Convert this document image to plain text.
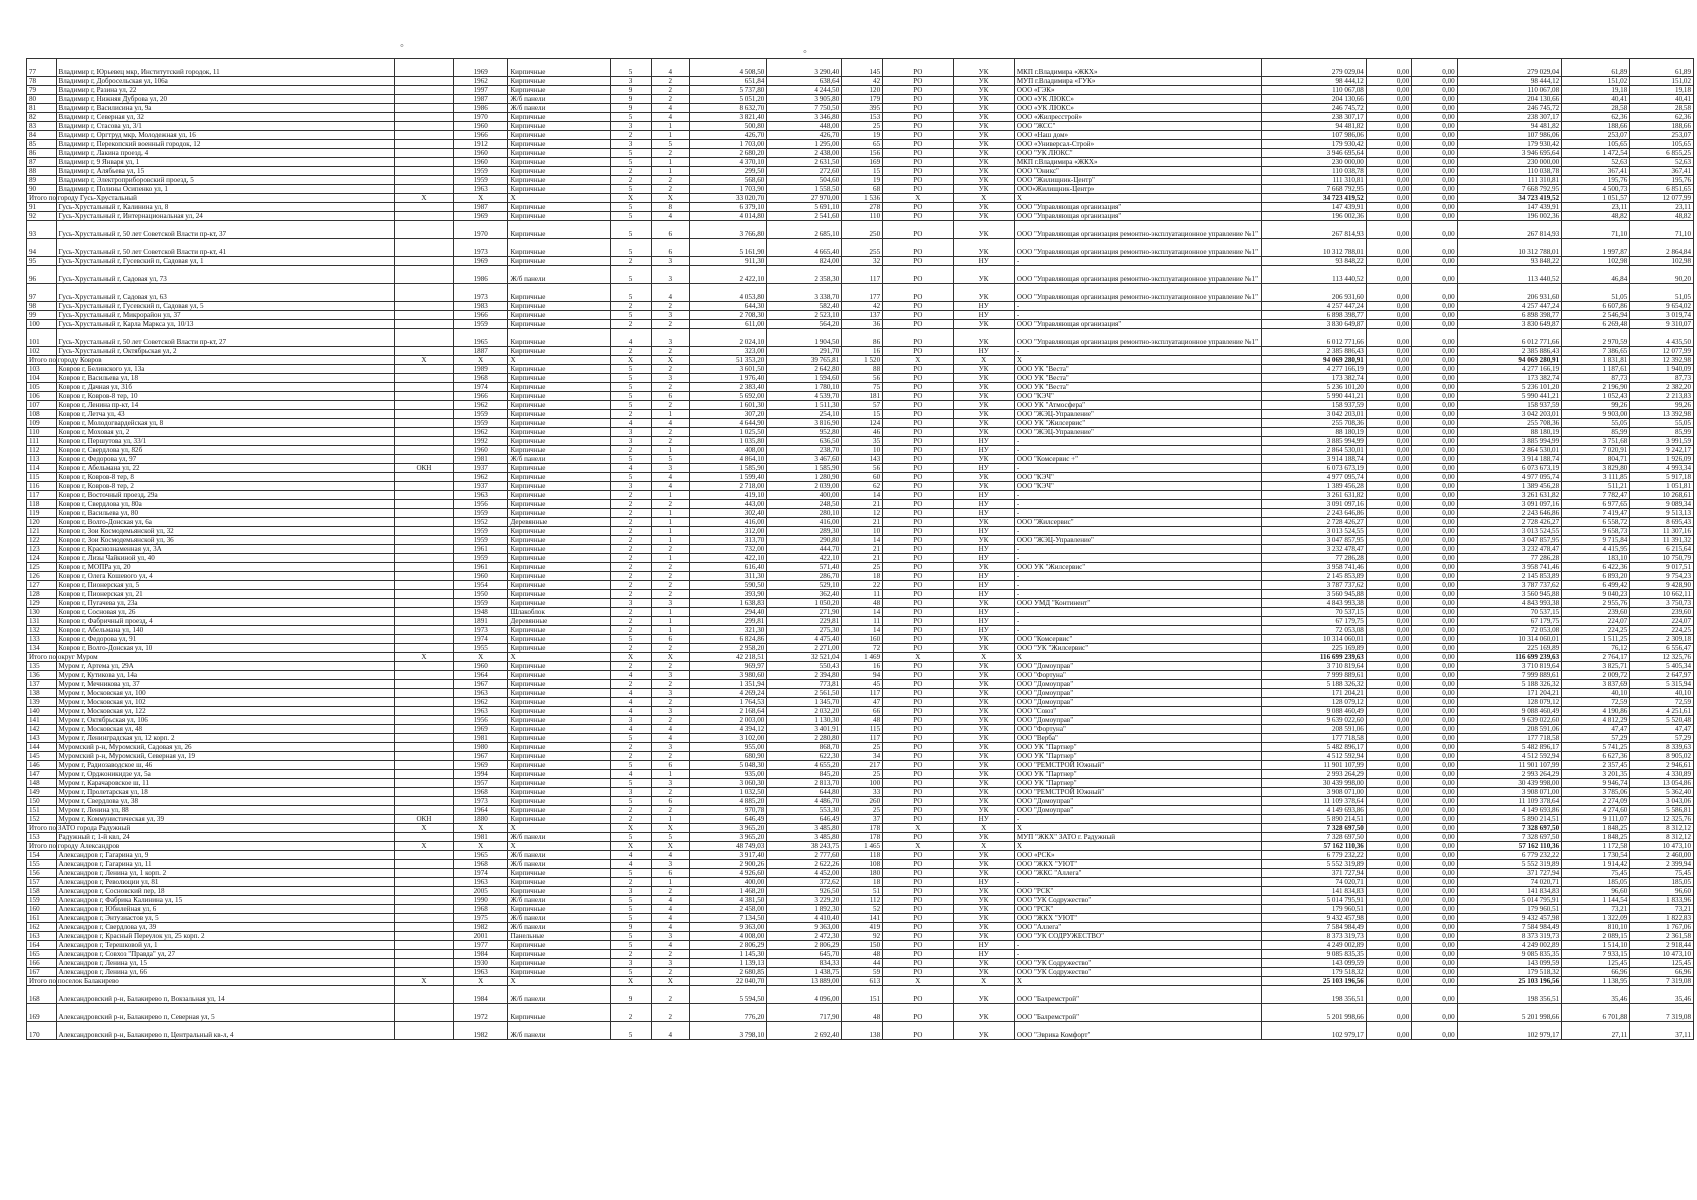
◦	◦
77	Владимир г, Юрьевец мкр, Институтский городок, 11		1969	Кирпичные	5	4	4 508,50	3 290,40	145	РО	УК	МКП г.Владимира «ЖКХ»	279 029,04	0,00	0,00	279 029,04	61,89	61,89
78	Владимир г, Добросельская ул, 106а		1962	Кирпичные	3	2	651,84	638,64	42	РО	УК	МУП г.Владимира «ГУК»	98 444,12	0,00	0,00	98 444,12	151,02	151,02
79	Владимир г, Разина ул, 22		1997	Кирпичные	9	2	5 737,80	4 244,50	120	РО	УК	ООО «ГЭК»	110 067,08	0,00	0,00	110 067,08	19,18	19,18
80	Владимир г, Нижняя Дуброва ул, 20		1987	Ж/б панели	9	2	5 051,20	3 905,80	179	РО	УК	ООО «УК ЛЮКС»	204 130,66	0,00	0,00	204 130,66	40,41	40,41
81	Владимир г, Василисина ул, 9а		1986	Ж/б панели	9	4	8 632,70	7 750,50	395	РО	УК	ООО «УК ЛЮКС»	246 745,72	0,00	0,00	246 745,72	28,58	28,58
82	Владимир г, Северная ул, 32		1970	Кирпичные	5	4	3 821,40	3 346,80	153	РО	УК	ООО «Жилресстрой»	238 307,17	0,00	0,00	238 307,17	62,36	62,36
83	Владимир г, Стасова ул, 3/1		1960	Кирпичные	3	1	500,80	448,00	25	РО	УК	ООО "ЖСС"	94 481,82	0,00	0,00	94 481,82	188,66	188,66
84	Владимир г, Оргтруд мкр, Молодежная ул, 16		1966	Кирпичные	2	1	426,70	426,70	19	РО	УК	ООО «Наш дом»	107 986,06	0,00	0,00	107 986,06	253,07	253,07
85	Владимир г, Перекопский военный городок, 12		1912	Кирпичные	3	5	1 703,00	1 295,00	65	РО	УК	ООО «Универсал-Строй»	179 930,42	0,00	0,00	179 930,42	105,65	105,65
86	Владимир г, Лакина проезд, 4		1960	Кирпичные	5	2	2 680,20	2 438,00	156	РО	УК	ООО "УК ЛЮКС"	3 946 695,64	0,00	0,00	3 946 695,64	1 472,54	6 855,25
87	Владимир г, 9 Января ул, 1		1960	Кирпичные	5	1	4 370,10	2 631,50	169	РО	УК	МКП г.Владимира «ЖКХ»	230 000,00	0,00	0,00	230 000,00	52,63	52,63
88	Владимир г, Алябьева ул, 15		1959	Кирпичные	2	1	299,50	272,60	15	РО	УК	ООО "Оникс"	110 038,78	0,00	0,00	110 038,78	367,41	367,41
89	Владимир г, Электроприборовский проезд, 5		1959	Кирпичные	2	2	568,60	504,60	19	РО	УК	ООО "Жилищник-Центр"	111 310,81	0,00	0,00	111 310,81	195,76	195,76
90	Владимир г, Полины Осипенко ул, 1		1963	Кирпичные	5	2	1 703,90	1 558,50	68	РО	УК	ООО«Жилищник-Центр»	7 668 792,95	0,00	0,00	7 668 792,95	4 500,73	6 851,65
Итого по городу Гусь-Хрустальный		X	X	X	X	X	33 020,70	27 970,00	1 536	X	X	X	34 723 419,52	0,00	0,00	34 723 419,52	1 051,57	12 077,99
91	Гусь-Хрустальный г, Калинина ул, 8		1987	Кирпичные	5	8	6 379,10	5 691,10	278	РО	УК	ООО "Управляющая организация"	147 439,91	0,00	0,00	147 439,91	23,11	23,11
92	Гусь-Хрустальный г, Интернациональная ул, 24		1969	Кирпичные	5	4	4 014,80	2 541,60	110	РО	УК	ООО "Управляющая организация"	196 002,36	0,00	0,00	196 002,36	48,82	48,82
93	Гусь-Хрустальный г, 50 лет Советской Власти пр-кт, 37		1970	Кирпичные	5	6	3 766,80	2 685,10	250	РО	УК	ООО "Управляющая организация ремонтно-эксплуатационное управление №1"	267 814,93	0,00	0,00	267 814,93	71,10	71,10
94	Гусь-Хрустальный г, 50 лет Советской Власти пр-кт, 41		1973	Кирпичные	5	6	5 161,90	4 665,40	255	РО	УК	ООО "Управляющая организация ремонтно-эксплуатационное управление №1"	10 312 788,01	0,00	0,00	10 312 788,01	1 997,87	2 864,84
95	Гусь-Хрустальный г, Гусевский п, Садовая ул, 1		1969	Кирпичные	2	3	911,30	824,00	32	РО	НУ	-	93 848,22	0,00	0,00	93 848,22	102,98	102,98
96	Гусь-Хрустальный г, Садовая ул, 73		1986	Ж/б панели	5	3	2 422,10	2 358,30	117	РО	УК	ООО "Управляющая организация ремонтно-эксплуатационное управление №1"	113 440,52	0,00	0,00	113 440,52	46,84	90,20
97	Гусь-Хрустальный г, Садовая ул, 63		1973	Кирпичные	5	4	4 053,80	3 338,70	177	РО	УК	ООО "Управляющая организация ремонтно-эксплуатационное управление №1"	206 931,60	0,00	0,00	206 931,60	51,05	51,05
98	Гусь-Хрустальный г, Гусевский п, Садовая ул, 5		1983	Кирпичные	2	2	644,30	582,40	42	РО	НУ	-	4 257 447,24	0,00	0,00	4 257 447,24	6 607,86	9 654,02
99	Гусь-Хрустальный г, Микрорайон ул, 37		1966	Кирпичные	5	3	2 708,30	2 523,10	137	РО	НУ	-	6 898 398,77	0,00	0,00	6 898 398,77	2 546,94	3 019,74
100	Гусь-Хрустальный г, Карла Маркса ул, 10/13		1959	Кирпичные	2	2	611,00	564,20	36	РО	УК	ООО "Управляющая организация"	3 830 649,87	0,00	0,00	3 830 649,87	6 269,48	9 310,07
101	Гусь-Хрустальный г, 50 лет Советской Власти пр-кт, 27		1965	Кирпичные	4	3	2 024,10	1 904,50	86	РО	УК	ООО "Управляющая организация ремонтно-эксплуатационное управление №1"	6 012 771,66	0,00	0,00	6 012 771,66	2 970,59	4 435,50
102	Гусь-Хрустальный г, Октябрьская ул, 2		1887	Кирпичные	2	2	323,00	291,70	16	РО	НУ	-	2 385 886,43	0,00	0,00	2 385 886,43	7 386,65	12 077,99
Итого по городу Ковров		X	X	X	X	X	51 353,20	39 765,81	1 520	X	X	X	94 069 280,91	0,00	0,00	94 069 280,91	1 831,81	12 392,98
103	Ковров г, Белинского ул, 13а		1989	Кирпичные	5	2	3 601,50	2 642,80	88	РО	УК	ООО УК "Веста"	4 277 166,19	0,00	0,00	4 277 166,19	1 187,61	1 940,09
104	Ковров г, Васильева ул, 18		1968	Кирпичные	5	3	1 976,40	1 594,60	56	РО	УК	ООО УК "Веста"	173 382,74	0,00	0,00	173 382,74	87,73	87,73
105	Ковров г, Дачная ул, 31б		1974	Кирпичные	5	2	2 383,40	1 780,10	75	РО	УК	ООО УК "Веста"	5 236 101,20	0,00	0,00	5 236 101,20	2 196,90	2 382,20
106	Ковров г, Ковров-8 тер, 10		1966	Кирпичные	5	6	5 692,00	4 539,70	181	РО	УК	ООО "КЭЧ"	5 990 441,21	0,00	0,00	5 990 441,21	1 052,43	2 213,83
107	Ковров г, Ленина пр-кт, 14		1962	Кирпичные	5	2	1 601,30	1 511,30	57	РО	УК	ООО УК "Атмосфера"	158 937,59	0,00	0,00	158 937,59	99,26	99,26
108	Ковров г, Летча ул, 43		1959	Кирпичные	2	1	307,20	254,10	15	РО	УК	ООО "ЖЭЦ-Управление"	3 042 203,01	0,00	0,00	3 042 203,01	9 903,00	13 392,98
109	Ковров г, Молодогвардейская ул, 8		1959	Кирпичные	4	4	4 644,90	3 816,90	124	РО	УК	ООО УК "Жилсервис"	255 708,36	0,00	0,00	255 708,36	55,05	55,05
110	Ковров г, Моховая ул, 2		1962	Кирпичные	3	2	1 025,50	952,80	46	РО	УК	ООО "ЖЭЦ-Управление"	88 180,19	0,00	0,00	88 180,19	85,99	85,99
111	Ковров г, Першутова ул, 33/1		1992	Кирпичные	3	2	1 035,80	636,50	35	РО	НУ	-	3 885 994,99	0,00	0,00	3 885 994,99	3 751,68	3 991,59
112	Ковров г, Свердлова ул, 82б		1960	Кирпичные	2	1	408,00	238,70	10	РО	НУ	-	2 864 530,01	0,00	0,00	2 864 530,01	7 020,91	9 242,17
113	Ковров г, Федорова ул, 97		1981	Ж/б панели	5	5	4 864,10	3 467,60	143	РО	УК	ООО "Комсервис +"	3 914 188,74	0,00	0,00	3 914 188,74	804,71	1 926,09
114	Ковров г, Абельмана ул, 22	ОКН	1937	Кирпичные	4	3	1 585,90	1 585,90	56	РО	НУ	-	6 073 673,19	0,00	0,00	6 073 673,19	3 829,80	4 993,34
115	Ковров г, Ковров-8 тер, 8		1962	Кирпичные	5	4	1 599,40	1 280,90	60	РО	УК	ООО "КЭЧ"	4 977 095,74	0,00	0,00	4 977 095,74	3 111,85	5 917,18
116	Ковров г, Ковров-8 тер, 2		1937	Кирпичные	3	4	2 718,00	2 039,00	62	РО	УК	ООО "КЭЧ"	1 389 456,28	0,00	0,00	1 389 456,28	511,21	1 051,81
117	Ковров г, Восточный проезд, 29а		1963	Кирпичные	2	1	419,10	400,00	14	РО	НУ	-	3 261 631,82	0,00	0,00	3 261 631,82	7 782,47	10 268,61
118	Ковров г, Свердлова ул, 80а		1956	Кирпичные	2	2	443,00	248,50	21	РО	НУ	-	3 091 097,16	0,00	0,00	3 091 097,16	6 977,65	9 089,34
119	Ковров г, Васильева ул, 80		1959	Кирпичные	2	1	302,40	280,10	12	РО	НУ	-	2 243 646,86	0,00	0,00	2 243 646,86	7 419,47	9 513,13
120	Ковров г, Волго-Донская ул, 6а		1952	Деревянные	2	1	416,00	416,00	21	РО	УК	ООО "Жилсервис"	2 728 426,27	0,00	0,00	2 728 426,27	6 558,72	8 695,43
121	Ковров г, Зои Космодемьянской ул, 32		1959	Кирпичные	2	1	312,00	289,30	10	РО	НУ	-	3 013 524,55	0,00	0,00	3 013 524,55	9 658,73	11 307,16
122	Ковров г, Зои Космодемьянской ул, 36		1959	Кирпичные	2	1	313,70	290,80	14	РО	УК	ООО "ЖЭЦ-Управление"	3 047 857,95	0,00	0,00	3 047 857,95	9 715,84	11 391,32
123	Ковров г, Краснознаменная ул, 3А		1961	Кирпичные	2	2	732,00	444,70	21	РО	НУ	-	3 232 478,47	0,00	0,00	3 232 478,47	4 415,95	6 215,64
124	Ковров г, Лизы Чайкиной ул, 40		1959	Кирпичные	2	1	422,10	422,10	21	РО	НУ	-	77 286,28	0,00	0,00	77 286,28	183,10	10 750,79
125	Ковров г, МОПРа ул, 20		1961	Кирпичные	2	2	616,40	571,40	25	РО	УК	ООО УК "Жилсервис"	3 958 741,46	0,00	0,00	3 958 741,46	6 422,36	9 017,51
126	Ковров г, Олега Кошевого ул, 4		1960	Кирпичные	2	2	311,30	286,70	18	РО	НУ	-	2 145 853,89	0,00	0,00	2 145 853,89	6 893,20	9 754,23
127	Ковров г, Пионерская ул, 5		1954	Кирпичные	2	2	590,50	529,10	22	РО	НУ	-	3 787 737,62	0,00	0,00	3 787 737,62	6 499,42	9 428,90
128	Ковров г, Пионерская ул, 21		1950	Кирпичные	2	2	393,90	362,40	11	РО	НУ	-	3 560 945,88	0,00	0,00	3 560 945,88	9 040,23	10 662,11
129	Ковров г, Пугачева ул, 23а		1959	Кирпичные	3	3	1 638,83	1 050,20	48	РО	УК	ООО УМД "Континент"	4 843 993,38	0,00	0,00	4 843 993,38	2 955,76	3 750,73
130	Ковров г, Сосновая ул, 26		1948	Шлакоблок	2	1	294,40	271,90	14	РО	НУ	-	70 537,15	0,00	0,00	70 537,15	239,60	239,60
131	Ковров г, Фабричный проезд, 4		1891	Деревянные	2	1	299,81	229,81	11	РО	НУ	-	67 179,75	0,00	0,00	67 179,75	224,07	224,07
132	Ковров г, Абельмана ул, 140		1973	Кирпичные	2	1	321,30	275,30	14	РО	НУ	-	72 053,08	0,00	0,00	72 053,08	224,25	224,25
133	Ковров г, Федорова ул, 91		1974	Кирпичные	5	6	6 824,86	4 475,40	160	РО	УК	ООО "Комсервис"	10 314 060,01	0,00	0,00	10 314 060,01	1 511,25	2 309,18
134	Ковров г, Волго-Донская ул, 10		1955	Кирпичные	2	2	2 958,20	2 271,00	72	РО	УК	ООО "УК "Жилсервис"	225 169,89	0,00	0,00	225 169,89	76,12	6 556,47
Итого по округ Муром		X	X	X	X	X	42 218,51	32 521,04	1 469	X	X	X	116 699 239,63	0,00	0,00	116 699 239,63	2 764,17	12 325,76
135	Муром г, Артема ул, 29А		1960	Кирпичные	2	2	969,97	550,43	16	РО	УК	ООО "Домоуправ"	3 710 819,64	0,00	0,00	3 710 819,64	3 825,71	5 405,34
136	Муром г, Кутикова ул, 14а		1964	Кирпичные	4	3	3 980,60	2 394,80	94	РО	УК	ООО "Фортуна"	7 999 889,61	0,00	0,00	7 999 889,61	2 009,72	2 647,97
137	Муром г, Мечникова ул, 37		1967	Кирпичные	2	2	1 351,94	773,81	45	РО	УК	ООО "Домоуправ"	5 188 326,32	0,00	0,00	5 188 326,32	3 837,69	5 315,94
138	Муром г, Московская ул, 100		1963	Кирпичные	4	3	4 269,24	2 561,50	117	РО	УК	ООО "Домоуправ"	171 204,21	0,00	0,00	171 204,21	40,10	40,10
139	Муром г, Московская ул, 102		1962	Кирпичные	4	2	1 764,53	1 345,70	47	РО	УК	ООО "Домоуправ"	128 079,12	0,00	0,00	128 079,12	72,59	72,59
140	Муром г, Московская ул, 122		1963	Кирпичные	4	3	2 168,64	2 032,20	66	РО	УК	ООО "Союз"	9 088 460,49	0,00	0,00	9 088 460,49	4 190,86	4 251,61
141	Муром г, Октябрьская ул, 106		1956	Кирпичные	3	2	2 003,00	1 130,30	48	РО	УК	ООО "Домоуправ"	9 639 022,60	0,00	0,00	9 639 022,60	4 812,29	5 520,48
142	Муром г, Московская ул, 48		1969	Кирпичные	4	4	4 394,12	3 401,91	115	РО	УК	ООО "Фортуна"	208 591,06	0,00	0,00	208 591,06	47,47	47,47
143	Муром г, Ленинградская ул, 12 корп. 2		1981	Кирпичные	5	4	3 102,00	2 280,80	117	РО	УК	ООО "Верба"	177 718,58	0,00	0,00	177 718,58	57,29	57,29
144	Муромский р-н, Муромский, Садовая ул, 26		1980	Кирпичные	2	3	955,00	868,70	25	РО	УК	ООО УК "Партнер"	5 482 896,17	0,00	0,00	5 482 896,17	5 741,25	8 339,63
145	Муромский р-н, Муромский, Северная ул, 19		1967	Кирпичные	2	2	680,90	622,30	34	РО	УК	ООО УК "Партнер"	4 512 592,94	0,00	0,00	4 512 592,94	6 627,36	8 905,02
146	Муром г, Радиозаводское ш, 46		1969	Кирпичные	5	6	5 048,30	4 655,20	217	РО	УК	ООО "РЕМСТРОЙ Южный"	11 901 107,99	0,00	0,00	11 901 107,99	2 357,45	2 946,61
147	Муром г, Орджоникидзе ул, 5а		1994	Кирпичные	4	1	935,00	845,20	25	РО	УК	ООО УК "Партнер"	2 993 264,29	0,00	0,00	2 993 264,29	3 201,35	4 330,89
148	Муром г, Карачаровское ш, 11		1957	Кирпичные	5	3	3 060,30	2 813,70	100	РО	УК	ООО УК "Партнер"	30 439 998,00	0,00	0,00	30 439 998,00	9 946,74	13 054,86
149	Муром г, Пролетарская ул, 18		1968	Кирпичные	3	2	1 032,50	644,80	33	РО	УК	ООО "РЕМСТРОЙ Южный"	3 908 071,00	0,00	0,00	3 908 071,00	3 785,06	5 362,40
150	Муром г, Свердлова ул, 38		1973	Кирпичные	5	6	4 885,20	4 486,70	260	РО	УК	ООО "Домоуправ"	11 109 378,64	0,00	0,00	11 109 378,64	2 274,09	3 043,06
151	Муром г, Ленина ул, 88		1964	Кирпичные	2	2	970,78	553,30	25	РО	УК	ООО "Домоуправ"	4 149 693,86	0,00	0,00	4 149 693,86	4 274,60	5 586,81
152	Муром г, Коммунистическая ул, 39	ОКН	1880	Кирпичные	2	1	646,49	646,49	37	РО	НУ	-	5 890 214,51	0,00	0,00	5 890 214,51	9 111,07	12 325,76
Итого по ЗАТО города Радужный		X	X	X	X	X	3 965,20	3 485,80	178	X	X	X	7 328 697,50	0,00	0,00	7 328 697,50	1 848,25	8 312,12
153	Радужный г, 1-й квл, 24		1981	Ж/б панели	5	5	3 965,20	3 485,80	178	РО	УК	МУП "ЖКХ" ЗАТО г. Радужный	7 328 697,50	0,00	0,00	7 328 697,50	1 848,25	8 312,12
Итого по городу Александров		X	X	X	X	X	48 749,03	38 243,75	1 465	X	X	X	57 162 110,36	0,00	0,00	57 162 110,36	1 172,58	10 473,10
154	Александров г, Гагарина ул, 9		1965	Ж/б панели	4	4	3 917,40	2 777,60	118	РО	УК	ООО «РСК»	6 779 232,22	0,00	0,00	6 779 232,22	1 730,54	2 460,00
155	Александров г, Гагарина ул, 11		1968	Ж/б панели	4	3	2 900,26	2 622,26	108	РО	УК	ООО "ЖКХ "УЮТ"	5 552 319,89	0,00	0,00	5 552 319,89	1 914,42	2 399,94
156	Александров г, Ленина ул, 1 корп. 2		1974	Кирпичные	5	6	4 926,60	4 452,00	180	РО	УК	ООО "ЖКС "Аллега"	371 727,94	0,00	0,00	371 727,94	75,45	75,45
157	Александров г, Революции ул, 81		1963	Кирпичные	2	1	400,00	372,62	18	РО	НУ	-	74 020,71	0,00	0,00	74 020,71	185,05	185,05
158	Александров г, Сосновский пер, 18		2005	Кирпичные	3	2	1 468,20	926,50	51	РО	УК	ООО "РСК"	141 834,83	0,00	0,00	141 834,83	96,60	96,60
159	Александров г, Фабрика Калинина ул, 15		1990	Ж/б панели	5	4	4 381,50	3 229,20	112	РО	УК	ООО "УК Содружество"	5 014 795,91	0,00	0,00	5 014 795,91	1 144,54	1 833,96
160	Александров г, Юбилейная ул, 6		1968	Кирпичные	5	4	2 458,00	1 892,30	52	РО	УК	ООО "РСК"	179 960,51	0,00	0,00	179 960,51	73,21	73,21
161	Александров г, Энтузиастов ул, 5		1975	Ж/б панели	5	4	7 134,50	4 410,40	141	РО	УК	ООО "ЖКХ "УЮТ"	9 432 457,98	0,00	0,00	9 432 457,98	1 322,09	1 822,83
162	Александров г, Свердлова ул, 39		1982	Ж/б панели	9	4	9 363,00	9 363,00	419	РО	УК	ООО "Аллега"	7 584 984,49	0,00	0,00	7 584 984,49	810,10	1 767,06
163	Александров г, Красный Переулок ул, 25 корп. 2		2001	Панельные	5	3	4 008,00	2 472,30	92	РО	УК	ООО "УК СОДРУЖЕСТВО"	8 373 319,73	0,00	0,00	8 373 319,73	2 089,15	2 361,58
164	Александров г, Терешковой ул, 1		1977	Кирпичные	5	4	2 806,29	2 806,29	150	РО	НУ	-	4 249 002,89	0,00	0,00	4 249 002,89	1 514,10	2 918,44
165	Александров г, Совхоз "Правда" ул, 27		1984	Кирпичные	2	2	1 145,30	645,70	48	РО	НУ	-	9 085 835,35	0,00	0,00	9 085 835,35	7 933,15	10 473,10
166	Александров г, Ленина ул, 15		1930	Кирпичные	3	3	1 139,13	834,33	44	РО	УК	ООО "УК Содружество"	143 099,59	0,00	0,00	143 099,59	125,45	125,45
167	Александров г, Ленина ул, 66		1963	Кирпичные	5	2	2 680,85	1 438,75	59	РО	УК	ООО "УК Содружество"	179 518,32	0,00	0,00	179 518,32	66,96	66,96
Итого по поселок Балакирево		X	X	X	X	X	22 040,70	13 889,00	613	X	X	X	25 103 196,56	0,00	0,00	25 103 196,56	1 138,95	7 319,08
168	Александровский р-н, Балакирево п, Вокзальная ул, 14		1984	Ж/б панели	9	2	5 594,50	4 096,00	151	РО	УК	ООО "Балремстрой"	198 356,51	0,00	0,00	198 356,51	35,46	35,46
169	Александровский р-н, Балакирево п, Северная ул, 5		1972	Кирпичные	2	2	776,20	717,90	48	РО	УК	ООО "Балремстрой"	5 201 998,66	0,00	0,00	5 201 998,66	6 701,88	7 319,08
170	Александровский р-н, Балакирево п, Центральный кв-л, 4		1982	Ж/б панели	5	4	3 798,10	2 692,40	138	РО	УК	ООО "Эврика Комфорт"	102 979,17	0,00	0,00	102 979,17	27,11	37,11
